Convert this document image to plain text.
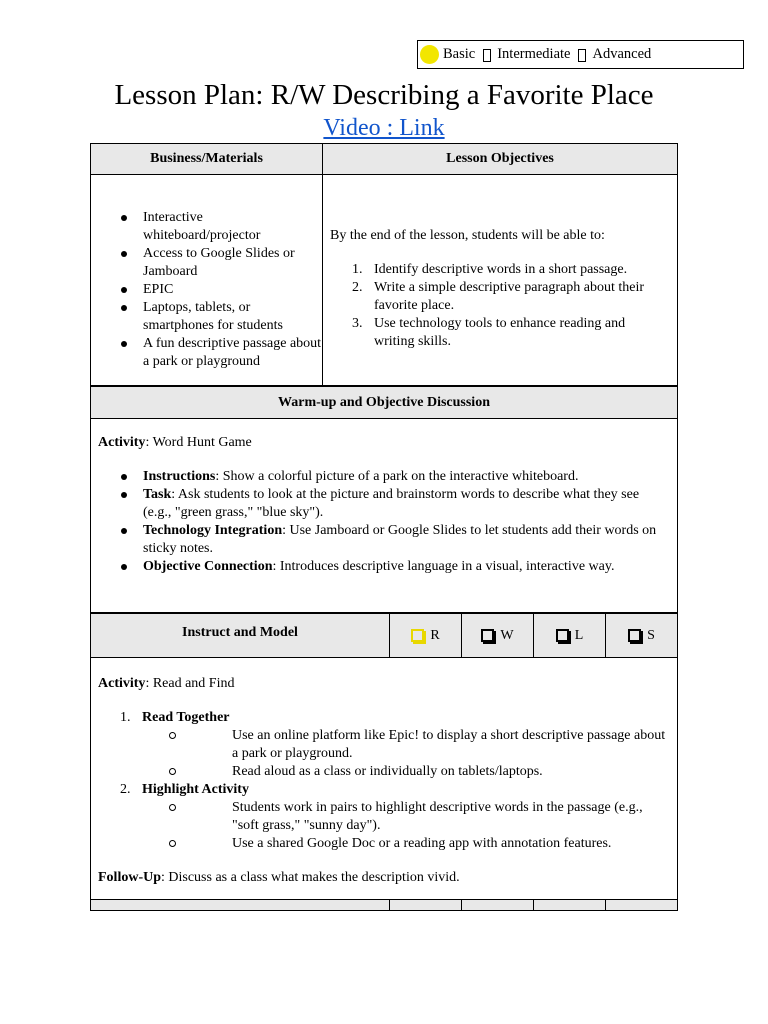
Basic Intermediate Advanced
Lesson Plan: R/W Describing a Favorite Place
Video : Link
Business/Materials	Lesson Objectives
Interactive whiteboard/projector
Access to Google Slides or Jamboard
EPIC
Laptops, tablets, or smartphones for students
A fun descriptive passage about a park or playground
By the end of the lesson, students will be able to:
1. Identify descriptive words in a short passage.
2. Write a simple descriptive paragraph about their favorite place.
3. Use technology tools to enhance reading and writing skills.
Warm-up and Objective Discussion
Activity: Word Hunt Game
Instructions: Show a colorful picture of a park on the interactive whiteboard.
Task: Ask students to look at the picture and brainstorm words to describe what they see (e.g., "green grass," "blue sky").
Technology Integration: Use Jamboard or Google Slides to let students add their words on sticky notes.
Objective Connection: Introduces descriptive language in a visual, interactive way.
Instruct and Model	R	W	L	S
Activity: Read and Find
1. Read Together
Use an online platform like Epic! to display a short descriptive passage about a park or playground.
Read aloud as a class or individually on tablets/laptops.
2. Highlight Activity
Students work in pairs to highlight descriptive words in the passage (e.g., "soft grass," "sunny day").
Use a shared Google Doc or a reading app with annotation features.
Follow-Up: Discuss as a class what makes the description vivid.
